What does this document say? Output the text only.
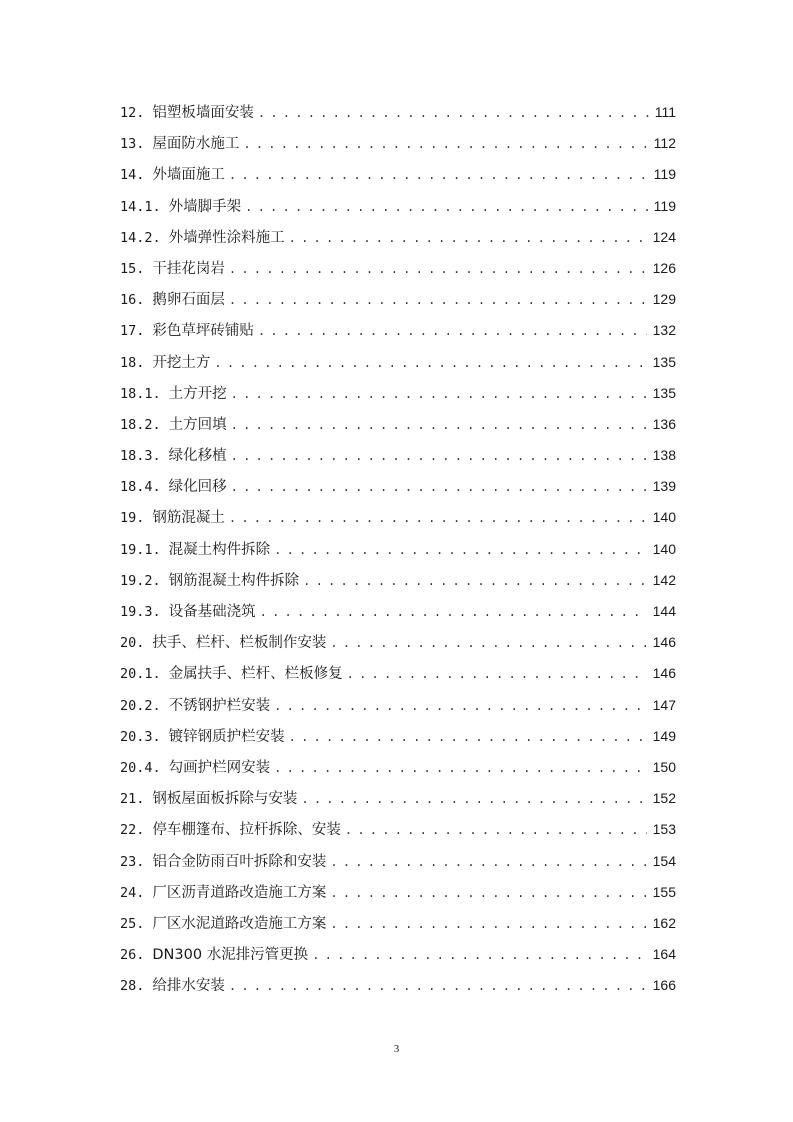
12. 铝塑板墙面安装 . . .	111
13. 屋面防水施工 . . .	112
14. 外墙面施工 . . .	119
14.1. 外墙脚手架 . . .	119
14.2. 外墙弹性涂料施工 . . .	124
15. 干挂花岗岩 . . .	126
16. 鹅卵石面层 . . .	129
17. 彩色草坪砖铺贴 . . .	132
18. 开挖土方 . . .	135
18.1. 土方开挖 . . .	135
18.2. 土方回填 . . .	136
18.3. 绿化移植 . . .	138
18.4. 绿化回移 . . .	139
19. 钢筋混凝土 . . .	140
19.1. 混凝土构件拆除 . . .	140
19.2. 钢筋混凝土构件拆除 . . .	142
19.3. 设备基础浇筑 . . .	144
20. 扶手、栏杆、栏板制作安装 . . .	146
20.1. 金属扶手、栏杆、栏板修复 . . .	146
20.2. 不锈钢护栏安装 . . .	147
20.3. 镀锌钢质护栏安装 . . .	149
20.4. 勾画护栏网安装 . . .	150
21. 钢板屋面板拆除与安装 . . .	152
22. 停车棚篷布、拉杆拆除、安装 . . .	153
23. 铝合金防雨百叶拆除和安装 . . .	154
24. 厂区沥青道路改造施工方案 . . .	155
25. 厂区水泥道路改造施工方案 . . .	162
26. DN300 水泥排污管更换 . . .	164
28. 给排水安装 . . .	166
3
